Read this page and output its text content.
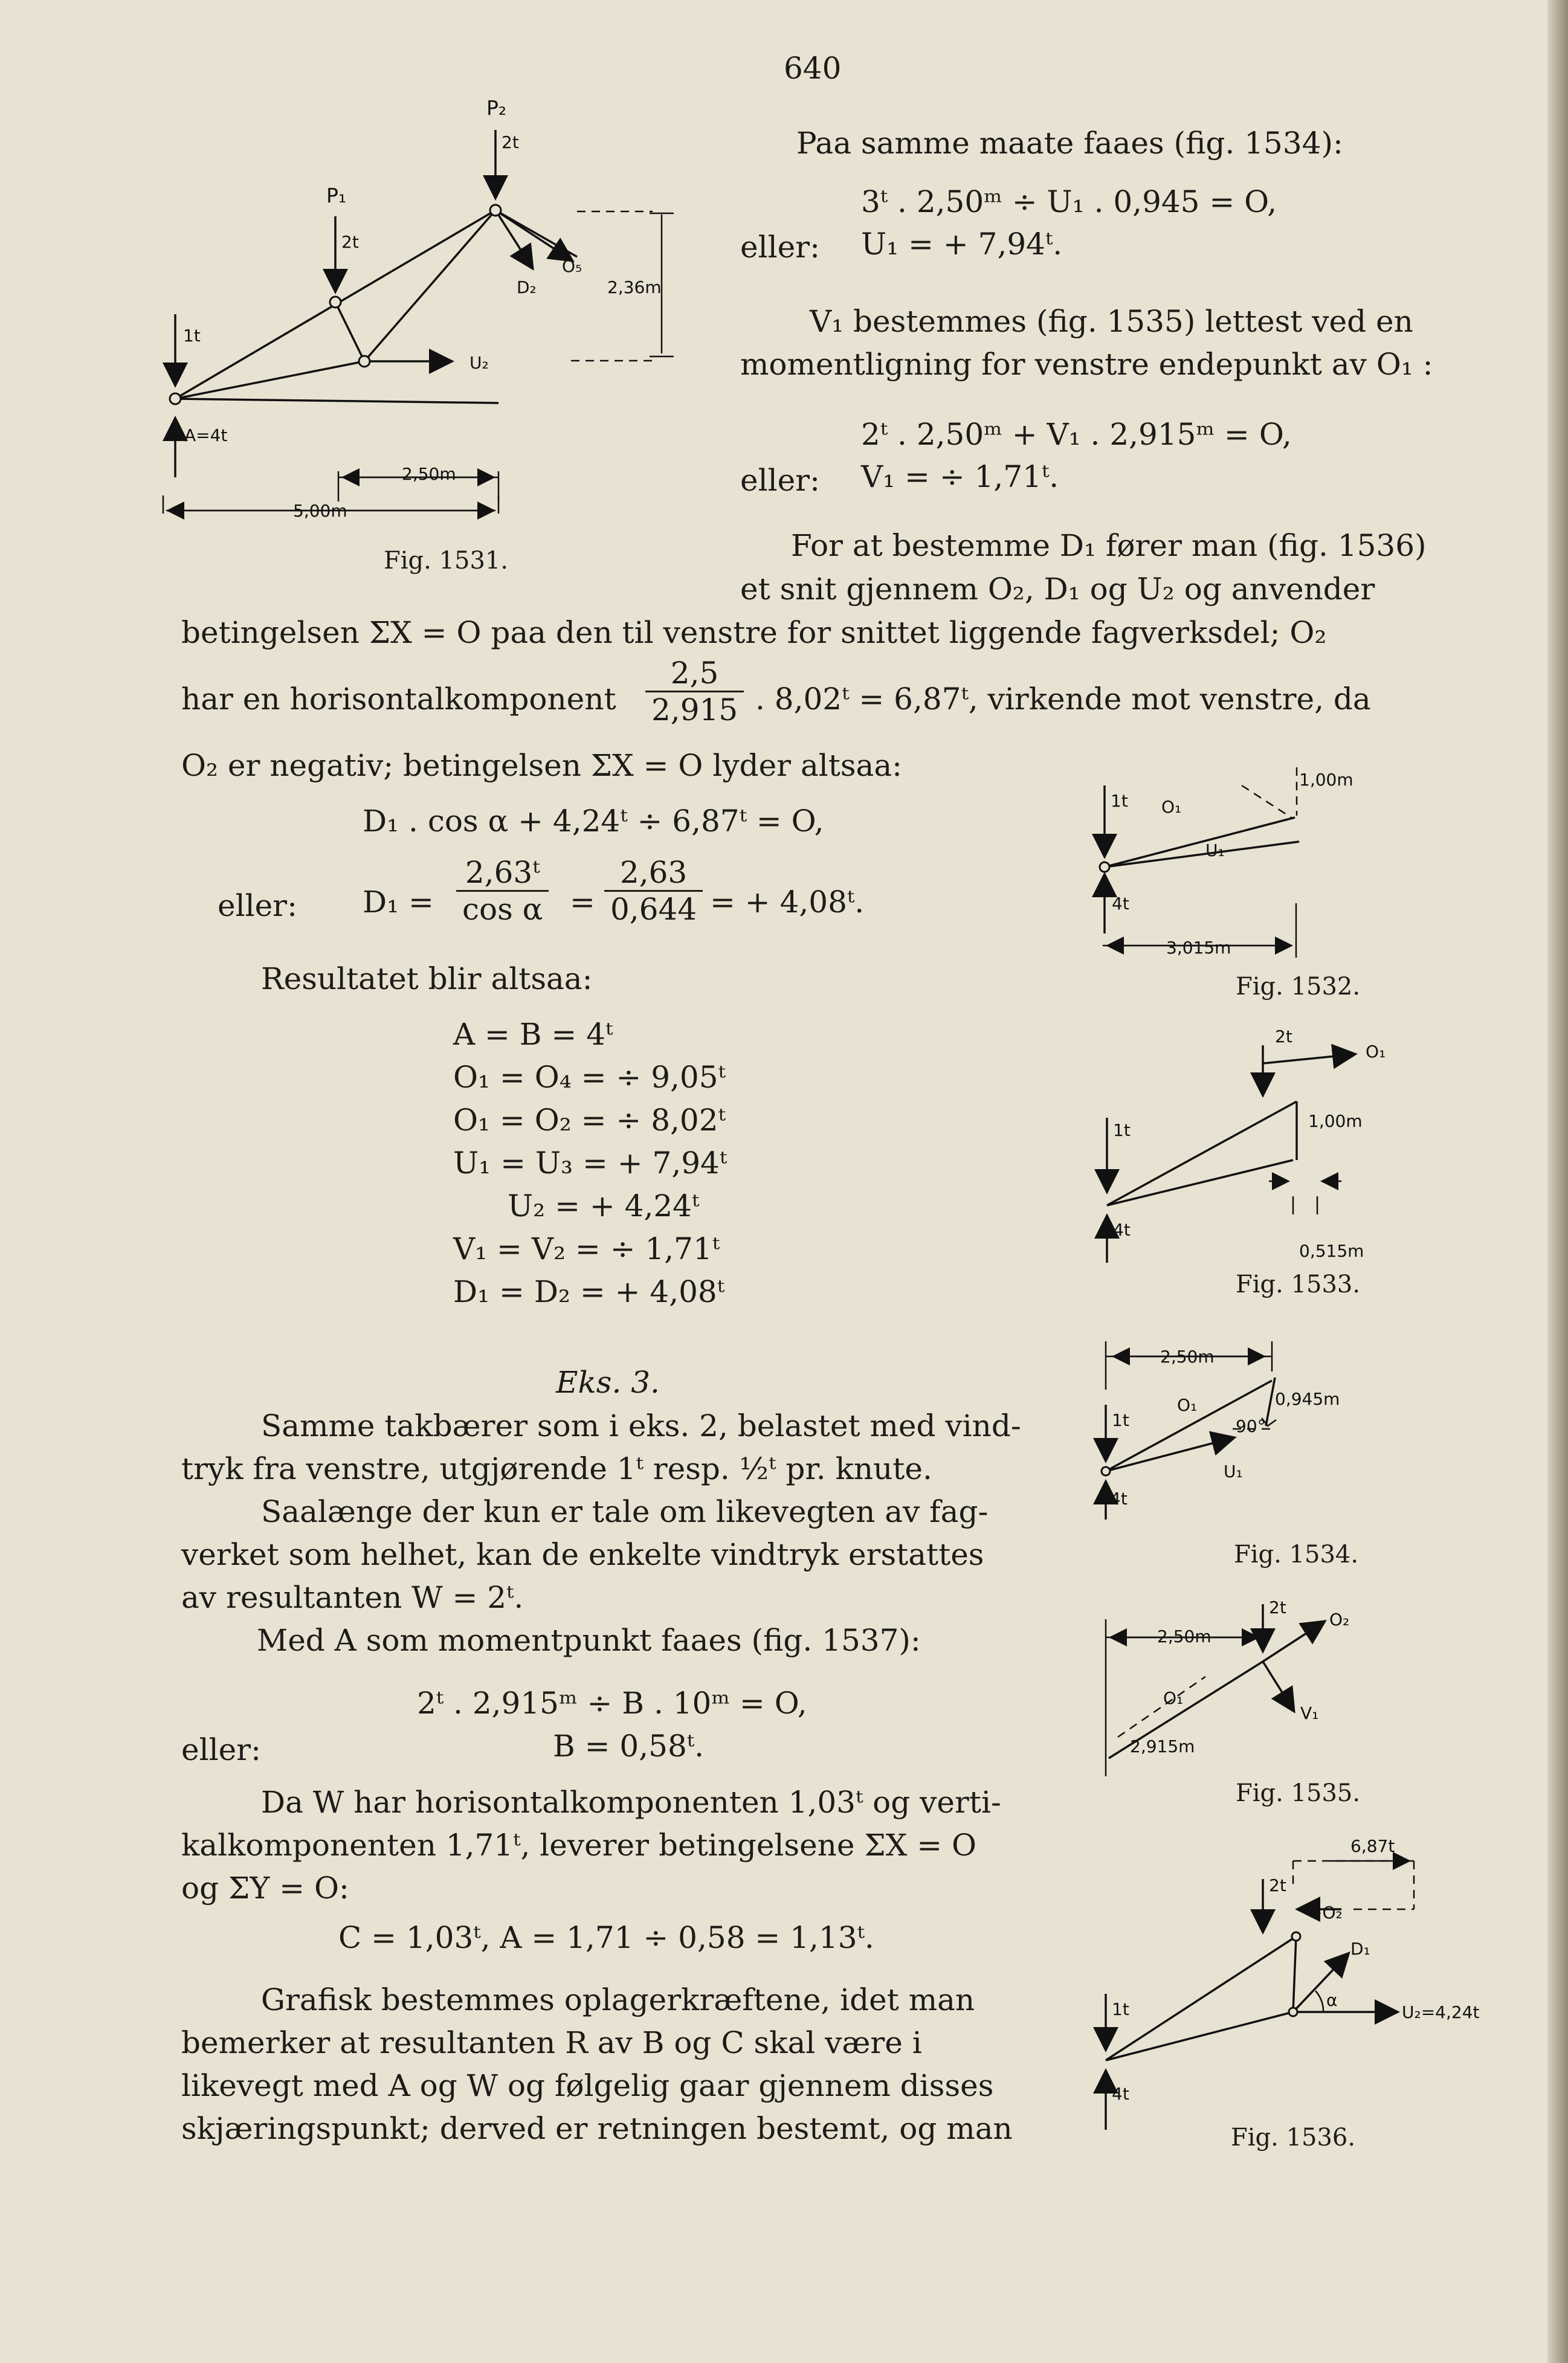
640
Paa samme maate faaes (fig. 1534):
3ᵗ . 2,50ᵐ ÷ U₁ . 0,945 = O,
eller: U₁ = + 7,94ᵗ.
V₁ bestemmes (fig. 1535) lettest ved en
momentligning for venstre endepunkt av O₁ :
2ᵗ . 2,50ᵐ + V₁ . 2,915ᵐ = O,
eller: V₁ = ÷ 1,71ᵗ.
For at bestemme D₁ fører man (fig. 1536)
et snit gjennem O₂, D₁ og U₂ og anvender
betingelsen ΣX = O paa den til venstre for snittet liggende fagverksdel; O₂
har en horisontalkomponent $\frac{2,5}{2,915}$ . 8,02ᵗ = 6,87ᵗ, virkende mot venstre, da
O₂ er negativ; betingelsen ΣX = O lyder altsaa:
D₁ . cos α + 4,24ᵗ ÷ 6,87ᵗ = O,
eller: $D_1 = \frac{\text{2,63ᵗ}}{\text{cos α}} = \frac{2,63}{0,644}$ = + 4,08ᵗ.
Resultatet blir altsaa:
A = B = 4ᵗ
O₁ = O₄ = ÷ 9,05ᵗ
O₁ = O₂ = ÷ 8,02ᵗ
U₁ = U₃ = + 7,94ᵗ
U₂ = + 4,24ᵗ
V₁ = V₂ = ÷ 1,71ᵗ
D₁ = D₂ = + 4,08ᵗ
Eks. 3.
Samme takbærer som i eks. 2, belastet med vind-
tryk fra venstre, utgjørende 1ᵗ resp. ½ᵗ pr. knute.
Saalænge der kun er tale om likevegten av fag-
verket som helhet, kan de enkelte vindtryk erstattes
av resultanten W = 2ᵗ.
Med A som momentpunkt faaes (fig. 1537):
2ᵗ . 2,915ᵐ ÷ B . 10ᵐ = O,
eller:	B = 0,58ᵗ.
Da W har horisontalkomponenten 1,03ᵗ og verti-
kalkomponenten 1,71ᵗ, leverer betingelsene ΣX = O
og ΣY = O:
C = 1,03ᵗ, A = 1,71 ÷ 0,58 = 1,13ᵗ.
Grafisk bestemmes oplagerkræftene, idet man
bemerker at resultanten R av B og C skal være i
likevegt med A og W og følgelig gaar gjennem disses
skjæringspunkt; derved er retningen bestemt, og man
P₂
2t
P₁
2t
1t
A=4t
O₅
D₂
U₂
2,36m
2,50m
5,00m
Fig. 1531.
1t O₁
1,00m
U₁
4t
3,015m
Fig. 1532.
2t
O₁
1t	1,00m
4t
0,515m
Fig. 1533.
2,50m
1t
O₁	0,945m
90°
U₁
4t
Fig. 1534.
2,50m
2t
O₂
O₁
V₁
2,915m
Fig. 1535.
6,87t
2t
÷O₂
D₁
α
1t	U₂=4,24t
4t
Fig. 1536.
